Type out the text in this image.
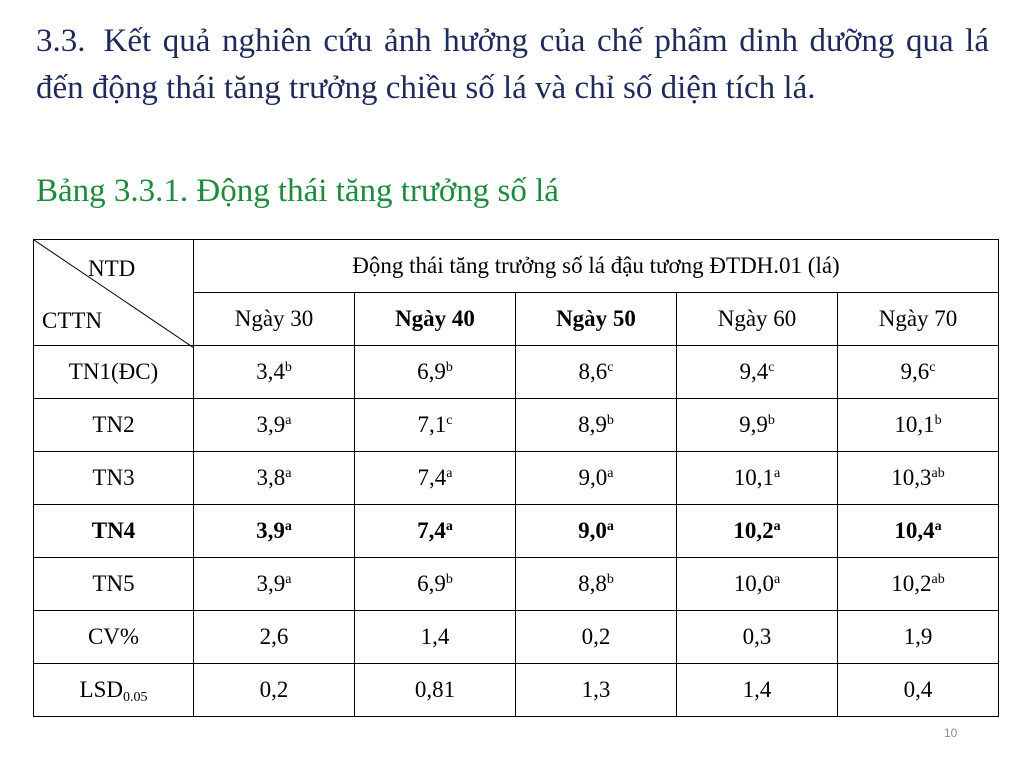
3.3. Kết quả nghiên cứu ảnh hưởng của chế phẩm dinh dưỡng qua lá đến động thái tăng trưởng chiều số lá và chỉ số diện tích lá.

Bảng 3.3.1. Động thái tăng trưởng số lá

NTD
CTTN	Động thái tăng trưởng số lá đậu tương ĐTDH.01 (lá)				
	Ngày 30	Ngày 40	Ngày 50	Ngày 60	Ngày 70
TN1(ĐC)	3,4$^b$	6,9$^b$	8,6$^c$	9,4$^c$	9,6$^c$
TN2	3,9$^a$	7,1$^c$	8,9$^b$	9,9$^b$	10,1$^b$
TN3	3,8$^a$	7,4$^a$	9,0$^a$	10,1$^a$	10,3$^{ab}$
TN4	3,9$^a$	7,4$^a$	9,0$^a$	10,2$^a$	10,4$^a$
TN5	3,9$^a$	6,9$^b$	8,8$^b$	10,0$^a$	10,2$^{ab}$
CV%	2,6	1,4	0,2	0,3	1,9
$LSD_{0.05}$	0,2	0,81	1,3	1,4	0,4
10
